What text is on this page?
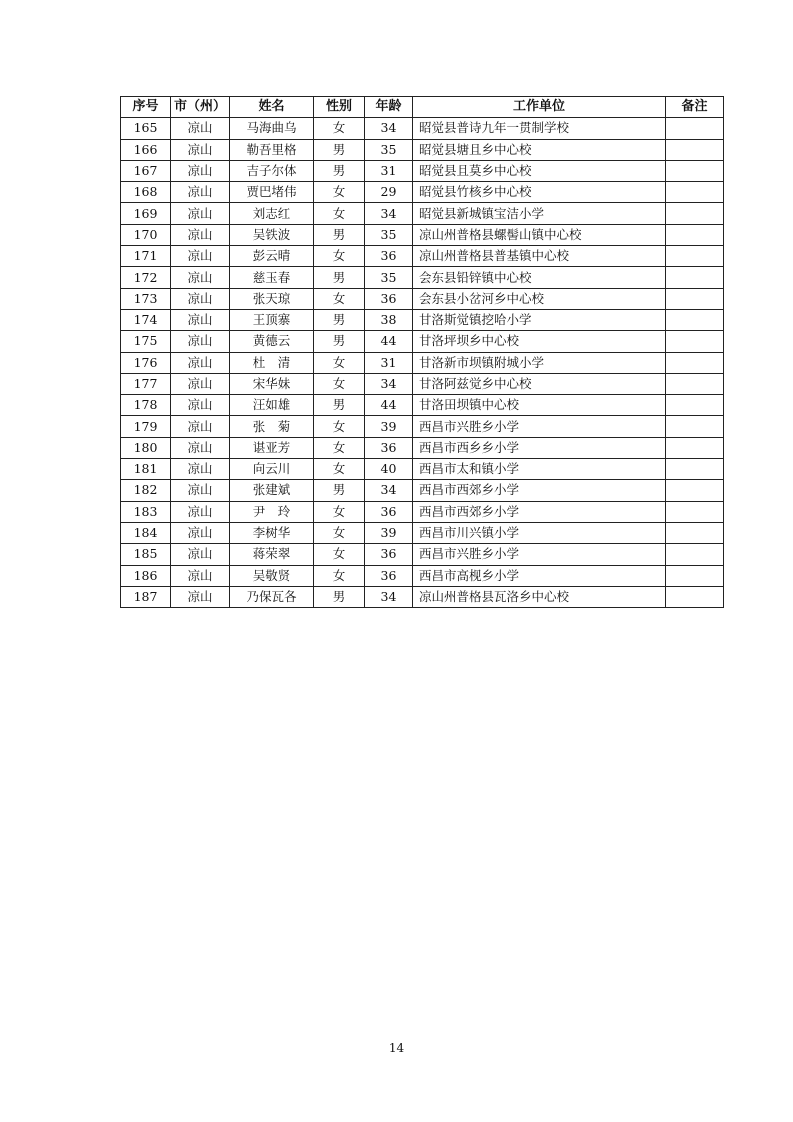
序号	市（州）	姓名	性别	年龄	工作单位	备注
165	凉山	马海曲乌	女	34	昭觉县普诗九年一贯制学校	
166	凉山	勒吾里格	男	35	昭觉县塘且乡中心校	
167	凉山	吉子尔体	男	31	昭觉县且莫乡中心校	
168	凉山	贾巴堵伟	女	29	昭觉县竹核乡中心校	
169	凉山	刘志红	女	34	昭觉县新城镇宝洁小学	
170	凉山	吴铁波	男	35	凉山州普格县螺髻山镇中心校	
171	凉山	彭云晴	女	36	凉山州普格县普基镇中心校	
172	凉山	慈玉春	男	35	会东县铅锌镇中心校	
173	凉山	张天琼	女	36	会东县小岔河乡中心校	
174	凉山	王顶寨	男	38	甘洛斯觉镇挖哈小学	
175	凉山	黄德云	男	44	甘洛坪坝乡中心校	
176	凉山	杜　清	女	31	甘洛新市坝镇附城小学	
177	凉山	宋华妹	女	34	甘洛阿兹觉乡中心校	
178	凉山	汪如雄	男	44	甘洛田坝镇中心校	
179	凉山	张　菊	女	39	西昌市兴胜乡小学	
180	凉山	谌亚芳	女	36	西昌市西乡乡小学	
181	凉山	向云川	女	40	西昌市太和镇小学	
182	凉山	张建斌	男	34	西昌市西郊乡小学	
183	凉山	尹　玲	女	36	西昌市西郊乡小学	
184	凉山	李树华	女	39	西昌市川兴镇小学	
185	凉山	蒋荣翠	女	36	西昌市兴胜乡小学	
186	凉山	吴敬贤	女	36	西昌市高枧乡小学	
187	凉山	乃保瓦各	男	34	凉山州普格县瓦洛乡中心校	
14
